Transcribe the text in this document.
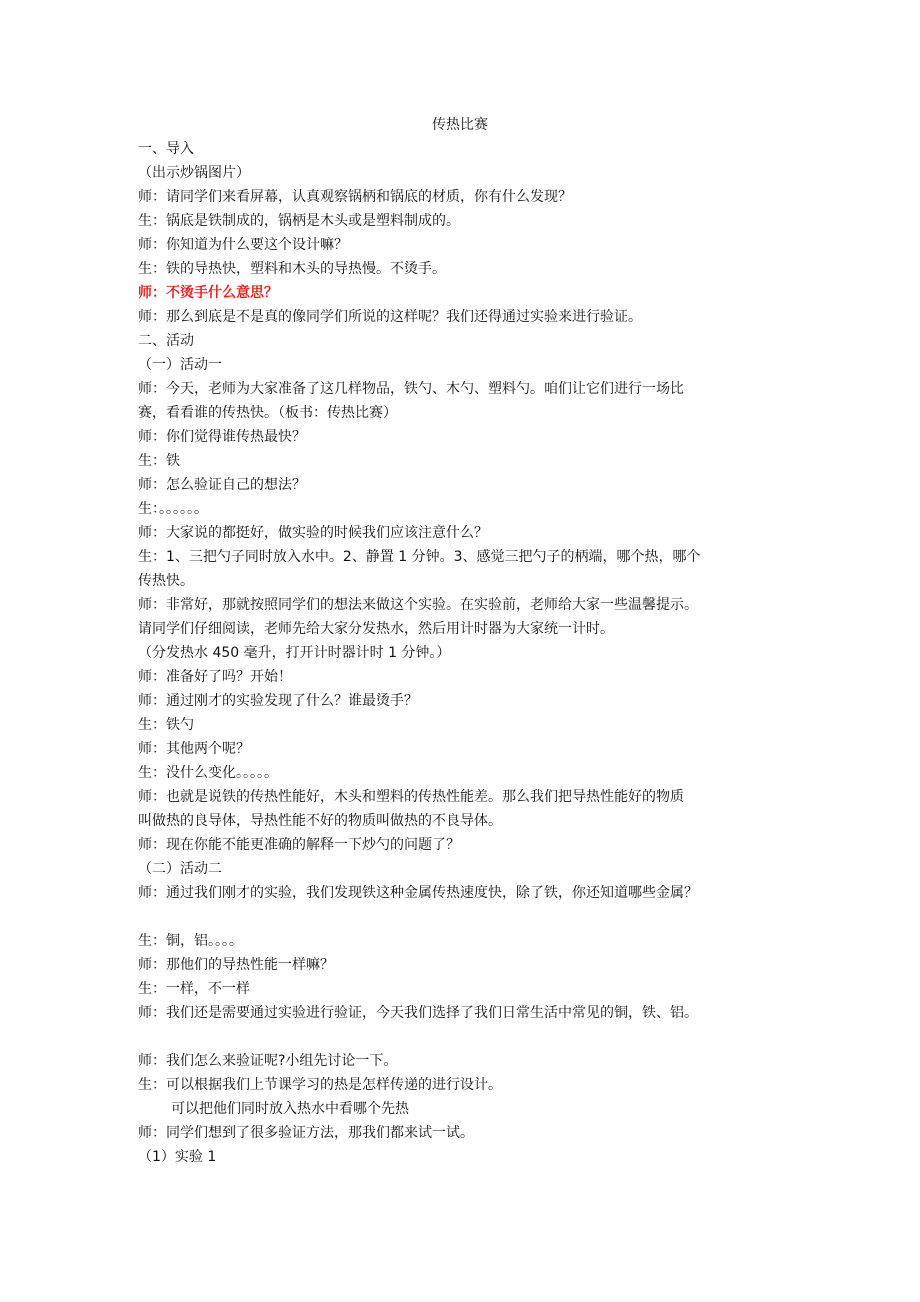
传热比赛
一、导入
（出示炒锅图片）
师：请同学们来看屏幕，认真观察锅柄和锅底的材质，你有什么发现？
生：锅底是铁制成的，锅柄是木头或是塑料制成的。
师：你知道为什么要这个设计嘛？
生：铁的导热快，塑料和木头的导热慢。不烫手。
师：不烫手什么意思？
师：那么到底是不是真的像同学们所说的这样呢？我们还得通过实验来进行验证。
二、活动
（一）活动一
师：今天，老师为大家准备了这几样物品，铁勺、木勺、塑料勺。咱们让它们进行一场比
赛，看看谁的传热快。（板书：传热比赛）
师：你们觉得谁传热最快？
生：铁
师：怎么验证自己的想法？
生：。。。。。。
师：大家说的都挺好，做实验的时候我们应该注意什么？
生：1、三把勺子同时放入水中。2、静置 1 分钟。3、感觉三把勺子的柄端，哪个热，哪个
传热快。
师：非常好，那就按照同学们的想法来做这个实验。在实验前，老师给大家一些温馨提示。
请同学们仔细阅读，老师先给大家分发热水，然后用计时器为大家统一计时。
（分发热水 450 毫升，打开计时器计时 1 分钟。）
师：准备好了吗？开始！
师：通过刚才的实验发现了什么？谁最烫手？
生：铁勺
师：其他两个呢？
生：没什么变化。。。。。
师：也就是说铁的传热性能好，木头和塑料的传热性能差。那么我们把导热性能好的物质
叫做热的良导体，导热性能不好的物质叫做热的不良导体。
师：现在你能不能更准确的解释一下炒勺的问题了？
（二）活动二
师：通过我们刚才的实验，我们发现铁这种金属传热速度快，除了铁，你还知道哪些金属？
生：铜，铝。。。。
师：那他们的导热性能一样嘛？
生：一样，不一样
师：我们还是需要通过实验进行验证，今天我们选择了我们日常生活中常见的铜，铁、铝。
师：我们怎么来验证呢?小组先讨论一下。
生：可以根据我们上节课学习的热是怎样传递的进行设计。
可以把他们同时放入热水中看哪个先热
师：同学们想到了很多验证方法，那我们都来试一试。
（1）实验 1
